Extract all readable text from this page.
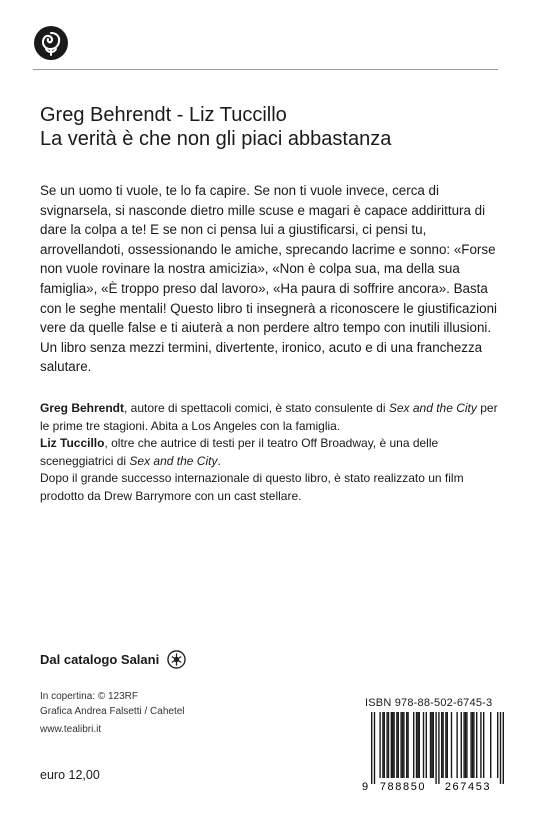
Greg Behrendt - Liz Tuccillo
La verità è che non gli piaci abbastanza

Se un uomo ti vuole, te lo fa capire. Se non ti vuole invece, cerca di svignarsela, si nasconde dietro mille scuse e magari è capace addirittura di dare la colpa a te! E se non ci pensa lui a giustificarsi, ci pensi tu, arrovellandoti, ossessionando le amiche, sprecando lacrime e sonno: «Forse non vuole rovinare la nostra amicizia», «Non è colpa sua, ma della sua famiglia», «È troppo preso dal lavoro», «Ha paura di soffrire ancora». Basta con le seghe mentali! Questo libro ti insegnerà a riconoscere le giustificazioni vere da quelle false e ti aiuterà a non perdere altro tempo con inutili illusioni.

Un libro senza mezzi termini, divertente, ironico, acuto e di una franchezza salutare.

Greg Behrendt, autore di spettacoli comici, è stato consulente di Sex and the City per le prime tre stagioni. Abita a Los Angeles con la famiglia.

Liz Tuccillo, oltre che autrice di testi per il teatro Off Broadway, è una delle sceneggiatrici di Sex and the City.

Dopo il grande successo internazionale di questo libro, è stato realizzato un film prodotto da Drew Barrymore con un cast stellare.

Dal catalogo Salani
In copertina: © 123RF
Grafica Andrea Falsetti / Cahetel
www.tealibri.it
euro 12,00
ISBN 978-88-502-6745-3
9 788850 267453
